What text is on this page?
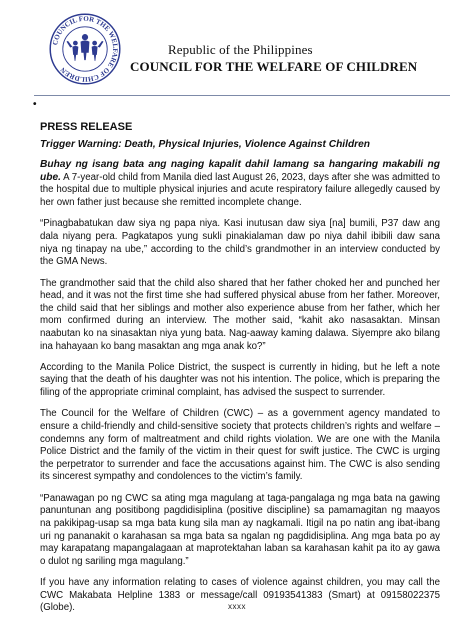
COUNCIL FOR THE WELFARE OF CHILDREN
Republic of the Philippines
COUNCIL FOR THE WELFARE OF CHILDREN
•
PRESS RELEASE
Trigger Warning: Death, Physical Injuries, Violence Against Children

Buhay ng isang bata ang naging kapalit dahil lamang sa hangaring makabili ng ube. A 7-year-old child from Manila died last August 26, 2023, days after she was admitted to the hospital due to multiple physical injuries and acute respiratory failure allegedly caused by her own father just because she remitted incomplete change.

“Pinagbabatukan daw siya ng papa niya. Kasi inutusan daw siya [na] bumili, P37 daw ang dala niyang pera. Pagkatapos yung sukli pinakialaman daw po niya dahil ibibili daw sana niya ng tinapay na ube,” according to the child’s grandmother in an interview conducted by the GMA News.

The grandmother said that the child also shared that her father choked her and punched her head, and it was not the first time she had suffered physical abuse from her father. Moreover, the child said that her siblings and mother also experience abuse from her father, which her mom confirmed during an interview. The mother said, “kahit ako nasasaktan. Minsan naabutan ko na sinasaktan niya yung bata. Nag-aaway kaming dalawa. Siyempre ako bilang ina hahayaan ko bang masaktan ang mga anak ko?”

According to the Manila Police District, the suspect is currently in hiding, but he left a note saying that the death of his daughter was not his intention. The police, which is preparing the filing of the appropriate criminal complaint, has advised the suspect to surrender.

The Council for the Welfare of Children (CWC) – as a government agency mandated to ensure a child-friendly and child-sensitive society that protects children’s rights and welfare – condemns any form of maltreatment and child rights violation. We are one with the Manila Police District and the family of the victim in their quest for swift justice. The CWC is urging the perpetrator to surrender and face the accusations against him. The CWC is also sending its sincerest sympathy and condolences to the victim’s family.

“Panawagan po ng CWC sa ating mga magulang at taga-pangalaga ng mga bata na gawing panuntunan ang positibong pagdidisiplina (positive discipline) sa pamamagitan ng maayos na pakikipag-usap sa mga bata kung sila man ay nagkamali. Itigil na po natin ang ibat-ibang uri ng pananakit o karahasan sa mga bata sa ngalan ng pagdidisiplina. Ang mga bata po ay may karapatang mapangalagaan at maprotektahan laban sa karahasan kahit pa ito ay gawa o dulot ng sariling mga magulang.”

If you have any information relating to cases of violence against children, you may call the CWC Makabata Helpline 1383 or message/call 09193541383 (Smart) at 09158022375 (Globe).	xxxx
